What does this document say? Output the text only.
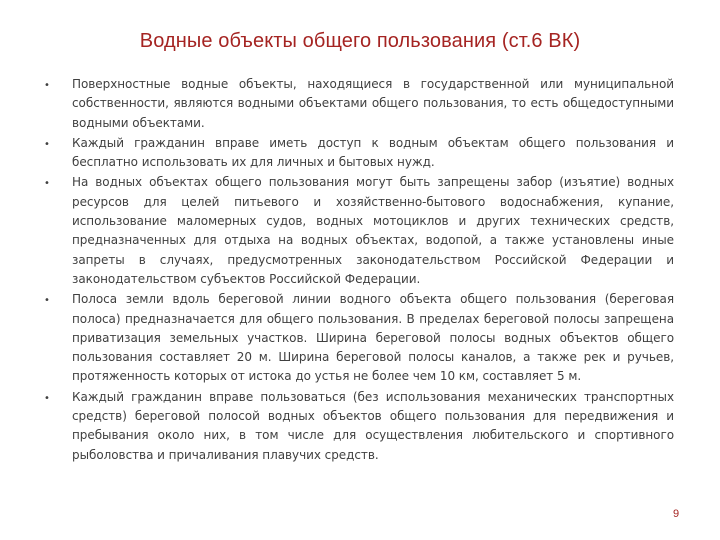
Водные объекты общего пользования (ст.6 ВК)
•	Поверхностные водные объекты, находящиеся в государственной или муниципальной собственности, являются водными объектами общего пользования, то есть общедоступными водными объектами.
•	Каждый гражданин вправе иметь доступ к водным объектам общего пользования и бесплатно использовать их для личных и бытовых нужд.
•	На водных объектах общего пользования могут быть запрещены забор (изъятие) водных ресурсов для целей питьевого и хозяйственно-бытового водоснабжения, купание, использование маломерных судов, водных мотоциклов и других технических средств, предназначенных для отдыха на водных объектах, водопой, а также установлены иные запреты в случаях, предусмотренных законодательством Российской Федерации и законодательством субъектов Российской Федерации.
•	Полоса земли вдоль береговой линии водного объекта общего пользования (береговая полоса) предназначается для общего пользования. В пределах береговой полосы запрещена приватизация земельных участков. Ширина береговой полосы водных объектов общего пользования составляет 20 м. Ширина береговой полосы каналов, а также рек и ручьев, протяженность которых от истока до устья не более чем 10 км, составляет 5 м.
•	Каждый гражданин вправе пользоваться (без использования механических транспортных средств) береговой полосой водных объектов общего пользования для передвижения и пребывания около них, в том числе для осуществления любительского и спортивного рыболовства и причаливания плавучих средств.
9
